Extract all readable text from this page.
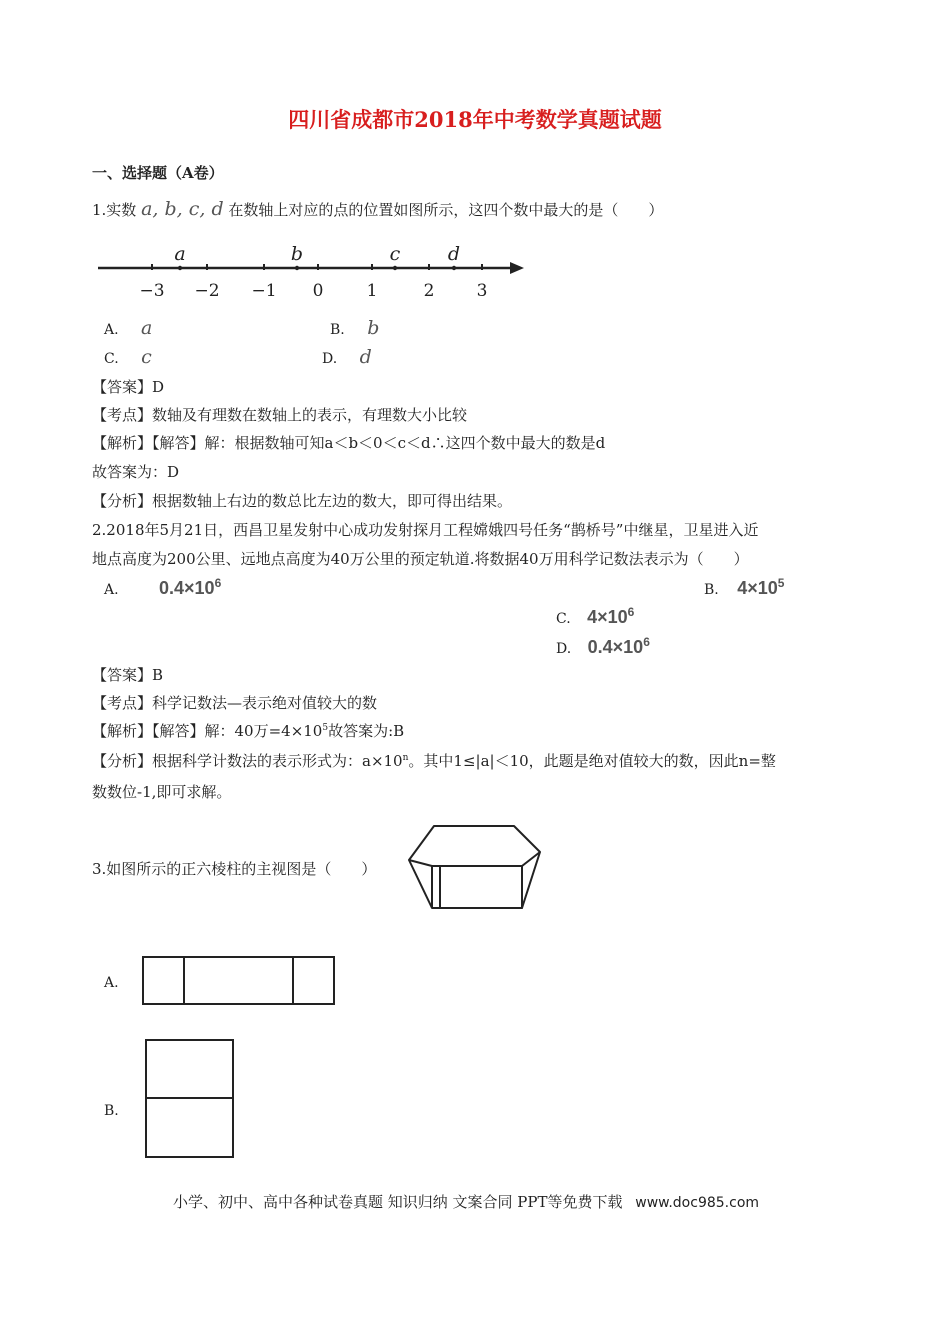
四川省成都市2018年中考数学真题试题
一、选择题（A卷）
1.实数 a, b, c, d 在数轴上对应的点的位置如图所示，这四个数中最大的是（　　）
−3 −2 −1 0	1	2 3
a	b	c	d
A. a	B. b
C. c	D. d
【答案】D
【考点】数轴及有理数在数轴上的表示，有理数大小比较
【解析】【解答】解：根据数轴可知a＜b＜0＜c＜d∴这四个数中最大的数是d
故答案为：D
【分析】根据数轴上右边的数总比左边的数大，即可得出结果。
2.2018年5月21日，西昌卫星发射中心成功发射探月工程嫦娥四号任务“鹊桥号”中继星，卫星进入近
地点高度为200公里、远地点高度为40万公里的预定轨道.将数据40万用科学记数法表示为（　　）
A. $0.4\times 10^6$	B. $4\times 10^5$
C. $4\times 10^6$
D. $0.4\times 10^6$
【答案】B
【考点】科学记数法—表示绝对值较大的数
【解析】【解答】解：40万$=4\times 10^5$故答案为:B
【分析】根据科学计数法的表示形式为：$a\times 10^n$。其中1≤|a|＜10，此题是绝对值较大的数，因此n=整
数数位-1,即可求解。
3.如图所示的正六棱柱的主视图是（　　）
A.
B.
小学、初中、高中各种试卷真题 知识归纳 文案合同 PPT等免费下载 www.doc985.com
